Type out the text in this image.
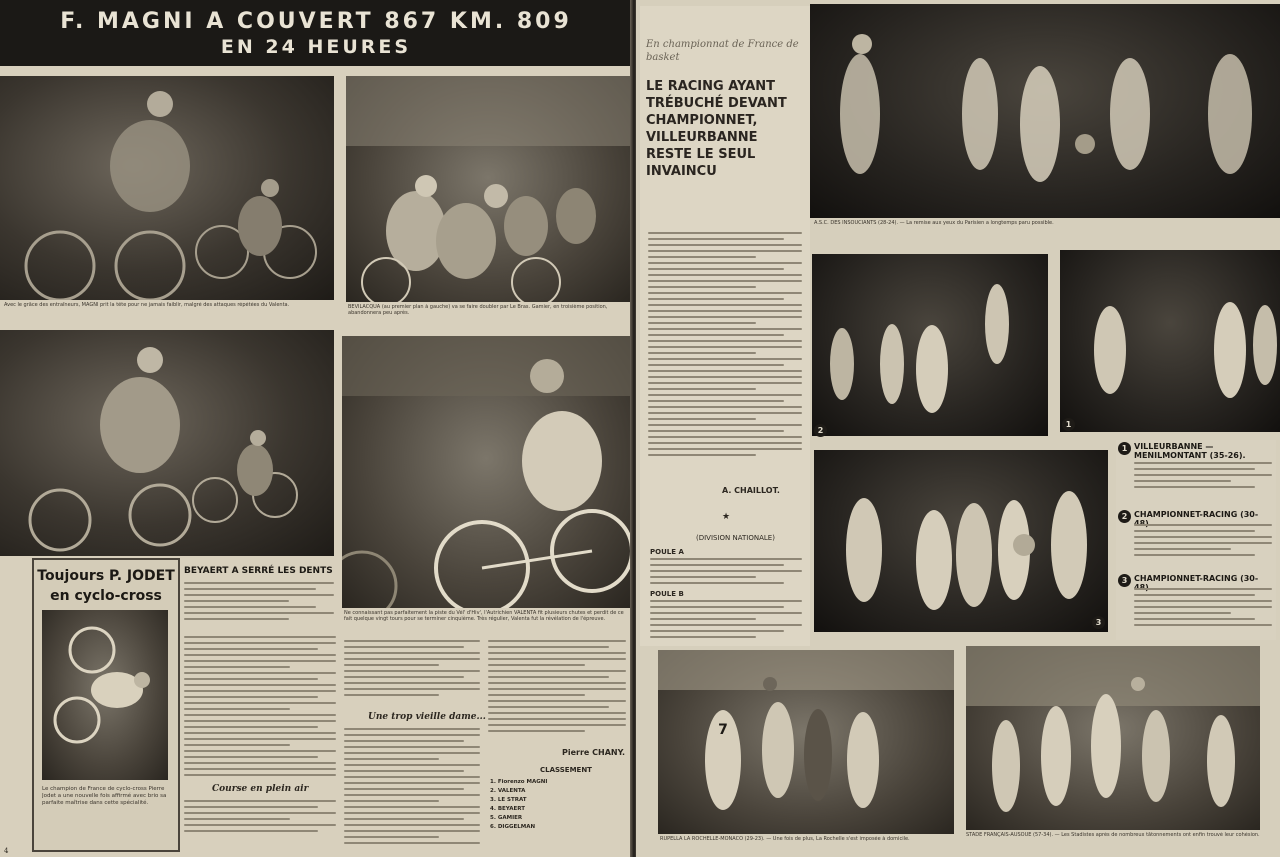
F. MAGNI A COUVERT 867 KM. 809
EN 24 HEURES
Avec le grâce des entraîneurs, MAGNI prit la tête pour ne jamais faiblir, malgré des attaques répétées du Valenta.	BEVILACQUA (au premier plan à gauche) va se faire doubler par Le Bras. Gamier, en troisième position, abandonnera peu après.
Ne connaissant pas parfaitement la piste du Vél' d'Hiv', l'Autrichien VALENTA fit plusieurs chutes et perdit de ce fait quelque vingt tours pour se terminer cinquième. Très régulier, Valenta fut la révélation de l'épreuve.
Toujours P. JODET
en cyclo-cross
Le champion de France de cyclo-cross Pierre Jodet a une nouvelle fois affirmé avec brio sa parfaite maîtrise dans cette spécialité.
BEYAERT A SERRÉ LES DENTS
Course en plein air
Une trop vieille dame...
Pierre CHANY.
CLASSEMENT
1. Fiorenzo MAGNI
2. VALENTA
3. LE STRAT
4. BEYAERT
5. GAMIER
6. DIGGELMAN
4
En championnat de France de basket
LE RACING AYANT TRÉBUCHÉ DEVANT CHAMPIONNET, VILLEURBANNE RESTE LE SEUL INVAINCU
A. CHAILLOT.
★
(DIVISION NATIONALE)
POULE A
POULE B
A.S.C. DES INSOUCIANTS (28-24). — La remise aux yeux du Parisien a longtemps paru possible.
2
1
3
1 VILLEURBANNE — MENILMONTANT (35-26).
2 CHAMPIONNET-RACING (30-
3 CHAMPIONNET-RACING (30-
7
RUPELLA LA ROCHELLE-MONACO (29-23). — Une fois de plus, La Rochelle s'est imposée à domicile.
STADE FRANÇAIS-AUSOUE (57-34). — Les Stadistes après de nombreux tâtonnements ont enfin trouvé leur cohésion.
